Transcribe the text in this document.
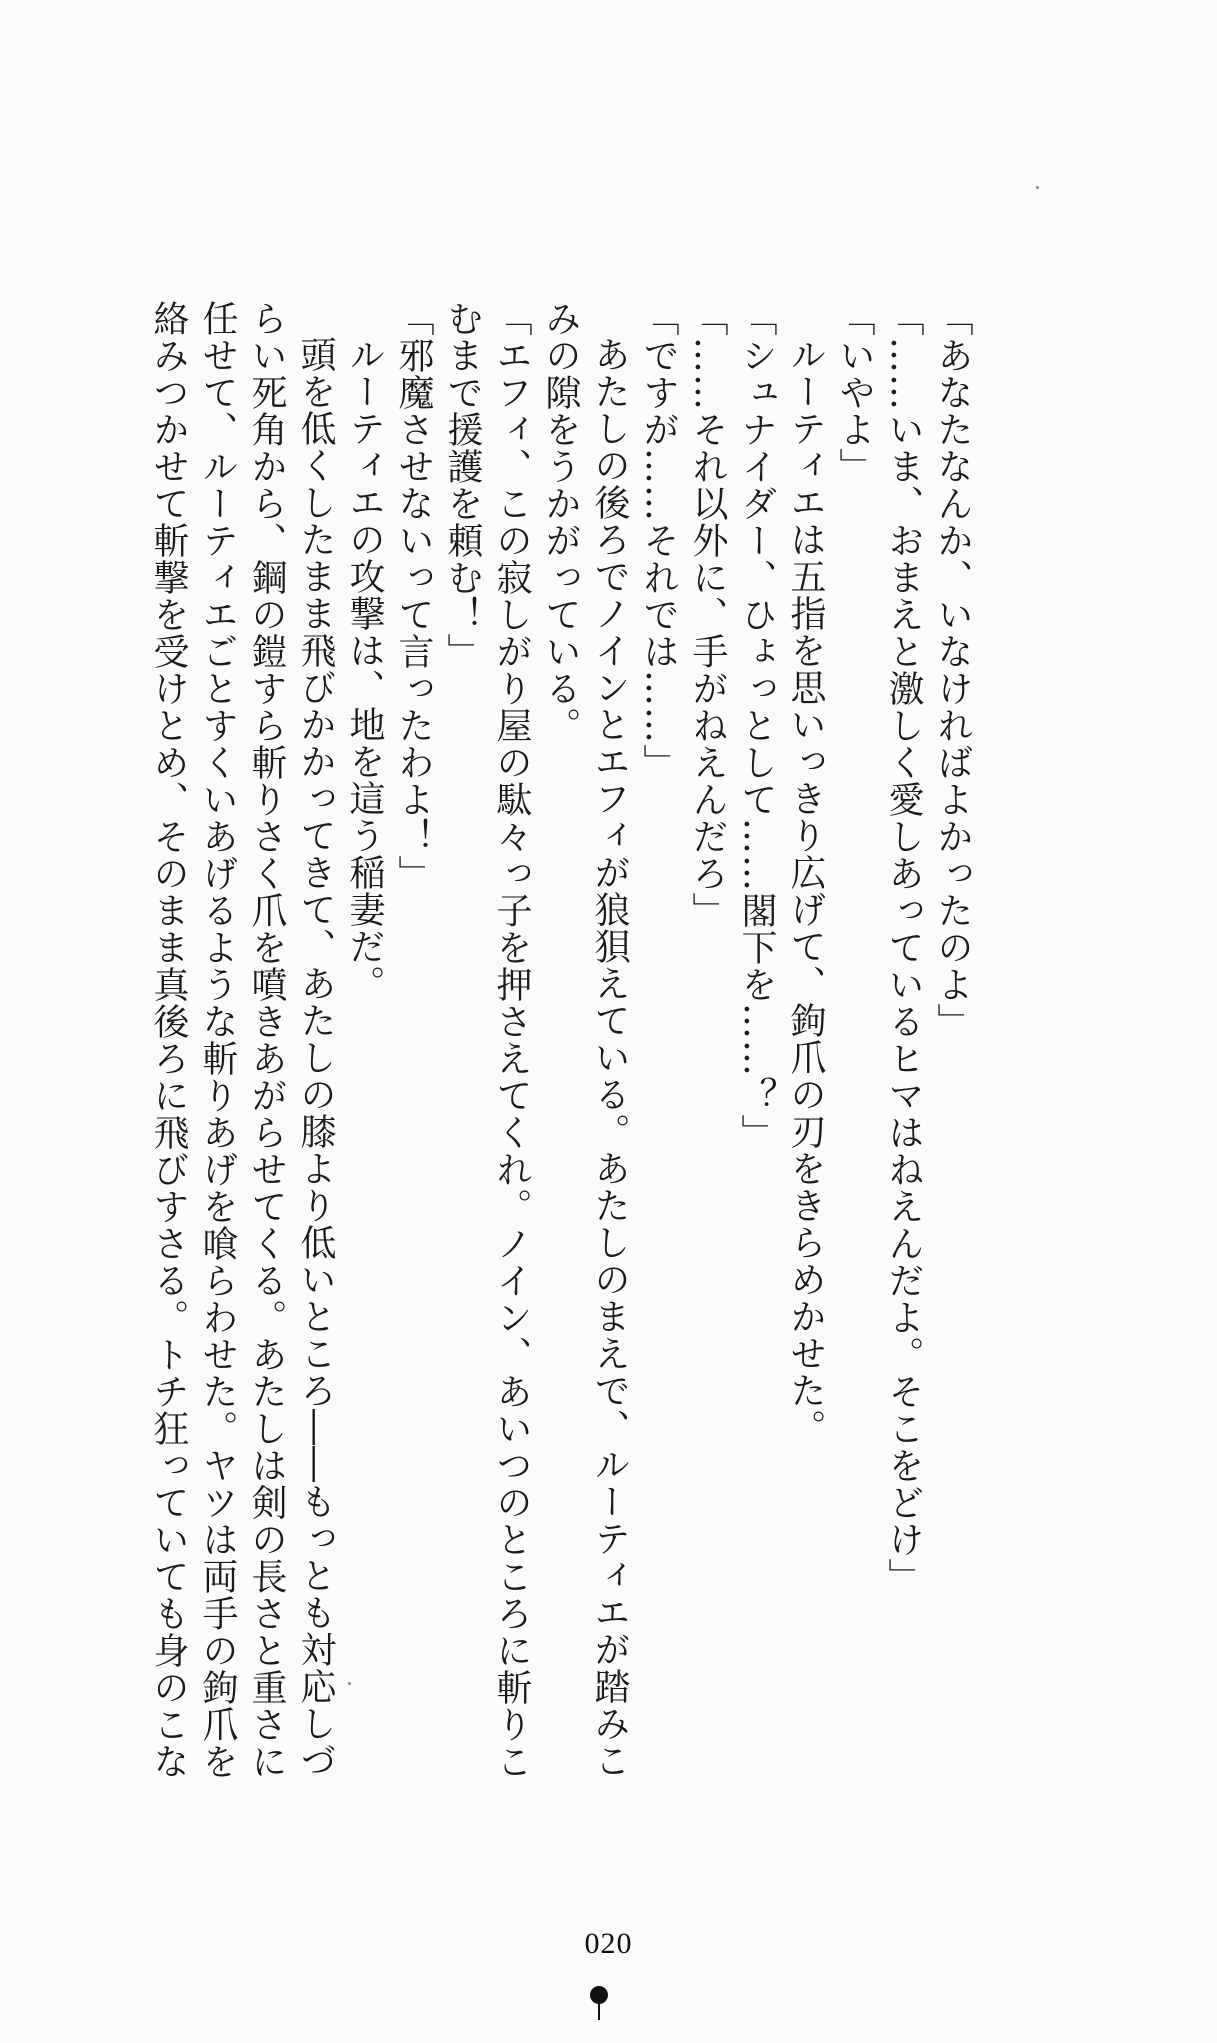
「あなたなんか、いなければよかったのよ」
「……いま、おまえと激しく愛しあっているヒマはねえんだよ。そこをどけ」
「いやよ」
ルーティエは五指を思いっきり広げて、鉤爪の刃をきらめかせた。
「シュナイダー、ひょっとして……閣下を……？」
「……それ以外に、手がねえんだろ」
「ですが……それでは……」
あたしの後ろでノインとエフィが狼狽えている。あたしのまえで、ルーティエが踏みこ
みの隙をうかがっている。
「エフィ、この寂しがり屋の駄々っ子を押さえてくれ。ノイン、あいつのところに斬りこ
むまで援護を頼む！」
「邪魔させないって言ったわよ！」
ルーティエの攻撃は、地を這う稲妻だ。
頭を低くしたまま飛びかかってきて、あたしの膝より低いところ――もっとも対応しづ
らい死角から、鋼の鎧すら斬りさく爪を噴きあがらせてくる。あたしは剣の長さと重さに
任せて、ルーティエごとすくいあげるような斬りあげを喰らわせた。ヤツは両手の鉤爪を
絡みつかせて斬撃を受けとめ、そのまま真後ろに飛びすさる。トチ狂っていても身のこな
020
